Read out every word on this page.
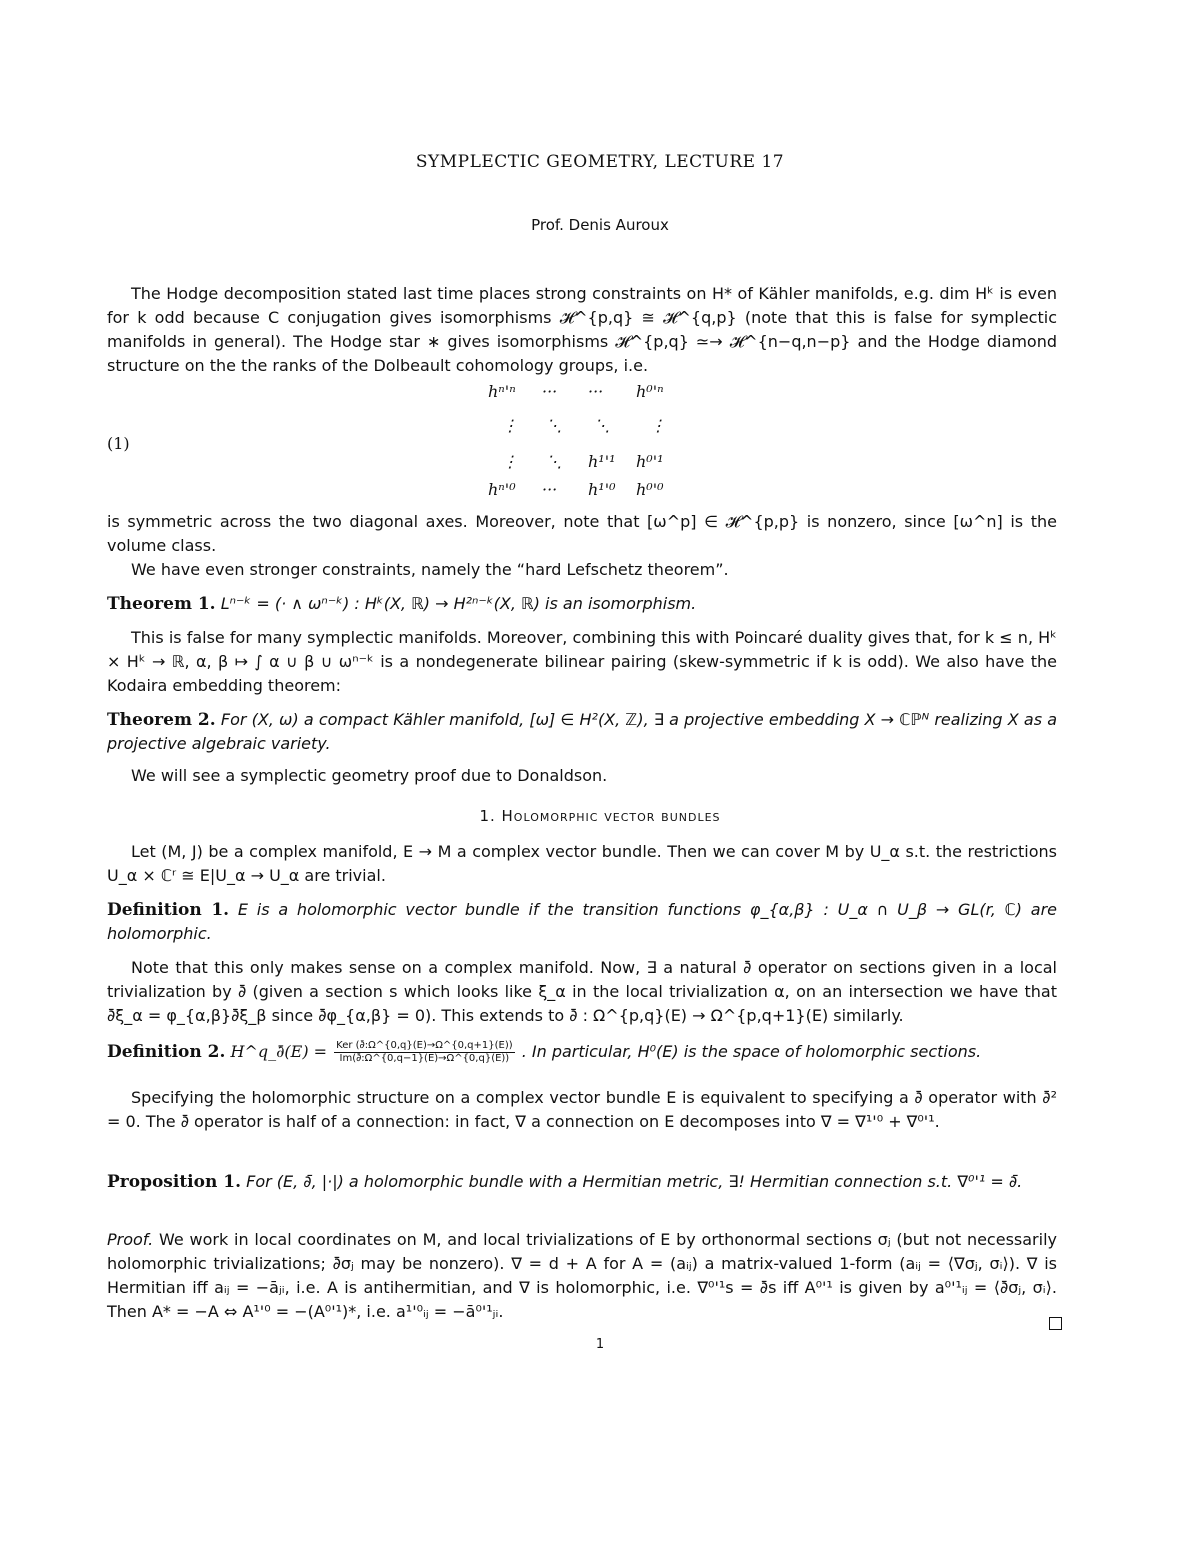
SYMPLECTIC GEOMETRY, LECTURE 17
Prof. Denis Auroux
The Hodge decomposition stated last time places strong constraints on H* of Kähler manifolds, e.g. dim Hᵏ is even for k odd because C conjugation gives isomorphisms 𝓗^{p,q} ≅ 𝓗^{q,p} (note that this is false for symplectic manifolds in general). The Hodge star ∗ gives isomorphisms 𝓗^{p,q} ≃→ 𝓗^{n−q,n−p} and the Hodge diamond structure on the the ranks of the Dolbeault cohomology groups, i.e.
(1)
hⁿ'ⁿ ··· ··· h⁰'ⁿ
⋮ ⋱ ⋱	⋮
⋮ ⋱ h¹'¹ h⁰'¹
hⁿ'⁰ ··· h¹'⁰ h⁰'⁰
is symmetric across the two diagonal axes. Moreover, note that [ω^p] ∈ 𝓗^{p,p} is nonzero, since [ω^n] is the volume class.
We have even stronger constraints, namely the “hard Lefschetz theorem”.
Theorem 1. Lⁿ⁻ᵏ = (· ∧ ωⁿ⁻ᵏ) : Hᵏ(X, ℝ) → H²ⁿ⁻ᵏ(X, ℝ) is an isomorphism.
This is false for many symplectic manifolds. Moreover, combining this with Poincaré duality gives that, for k ≤ n, Hᵏ × Hᵏ → ℝ, α, β ↦ ∫ α ∪ β ∪ ωⁿ⁻ᵏ is a nondegenerate bilinear pairing (skew-symmetric if k is odd). We also have the Kodaira embedding theorem:
Theorem 2. For (X, ω) a compact Kähler manifold, [ω] ∈ H²(X, ℤ), ∃ a projective embedding X → ℂℙᴺ realizing X as a projective algebraic variety.
We will see a symplectic geometry proof due to Donaldson.
1. Holomorphic vector bundles
Let (M, J) be a complex manifold, E → M a complex vector bundle. Then we can cover M by U_α s.t. the restrictions U_α × ℂʳ ≅ E|U_α → U_α are trivial.
Definition 1. E is a holomorphic vector bundle if the transition functions φ_{α,β} : U_α ∩ U_β → GL(r, ℂ) are holomorphic.
Note that this only makes sense on a complex manifold. Now, ∃ a natural ∂̄ operator on sections given in a local trivialization by ∂̄ (given a section s which looks like ξ_α in the local trivialization α, on an intersection we have that ∂̄ξ_α = φ_{α,β}∂̄ξ_β since ∂̄φ_{α,β} = 0). This extends to ∂̄ : Ω^{p,q}(E) → Ω^{p,q+1}(E) similarly.
Definition 2. H^q_∂̄(E) = Ker (∂̄:Ω^{0,q}(E)→Ω^{0,q+1}(E))
Im(∂̄:Ω^{0,q−1}(E)→Ω^{0,q}(E)) . In particular, H⁰(E) is the space of holomorphic sections.
Specifying the holomorphic structure on a complex vector bundle E is equivalent to specifying a ∂̄ operator with ∂̄² = 0. The ∂̄ operator is half of a connection: in fact, ∇ a connection on E decomposes into ∇ = ∇¹'⁰ + ∇⁰'¹.
Proposition 1. For (E, ∂̄, |·|) a holomorphic bundle with a Hermitian metric, ∃! Hermitian connection s.t. ∇⁰'¹ = ∂̄.
Proof. We work in local coordinates on M, and local trivializations of E by orthonormal sections σⱼ (but not necessarily holomorphic trivializations; ∂̄σⱼ may be nonzero). ∇ = d + A for A = (aᵢⱼ) a matrix-valued 1-form (aᵢⱼ = ⟨∇σⱼ, σᵢ⟩). ∇ is Hermitian iff aᵢⱼ = −āⱼᵢ, i.e. A is antihermitian, and ∇ is holomorphic, i.e. ∇⁰'¹s = ∂̄s iff A⁰'¹ is given by a⁰'¹ᵢⱼ = ⟨∂̄σⱼ, σᵢ⟩. Then A* = −A ⇔ A¹'⁰ = −(A⁰'¹)*, i.e. a¹'⁰ᵢⱼ = −ā⁰'¹ⱼᵢ.
1
